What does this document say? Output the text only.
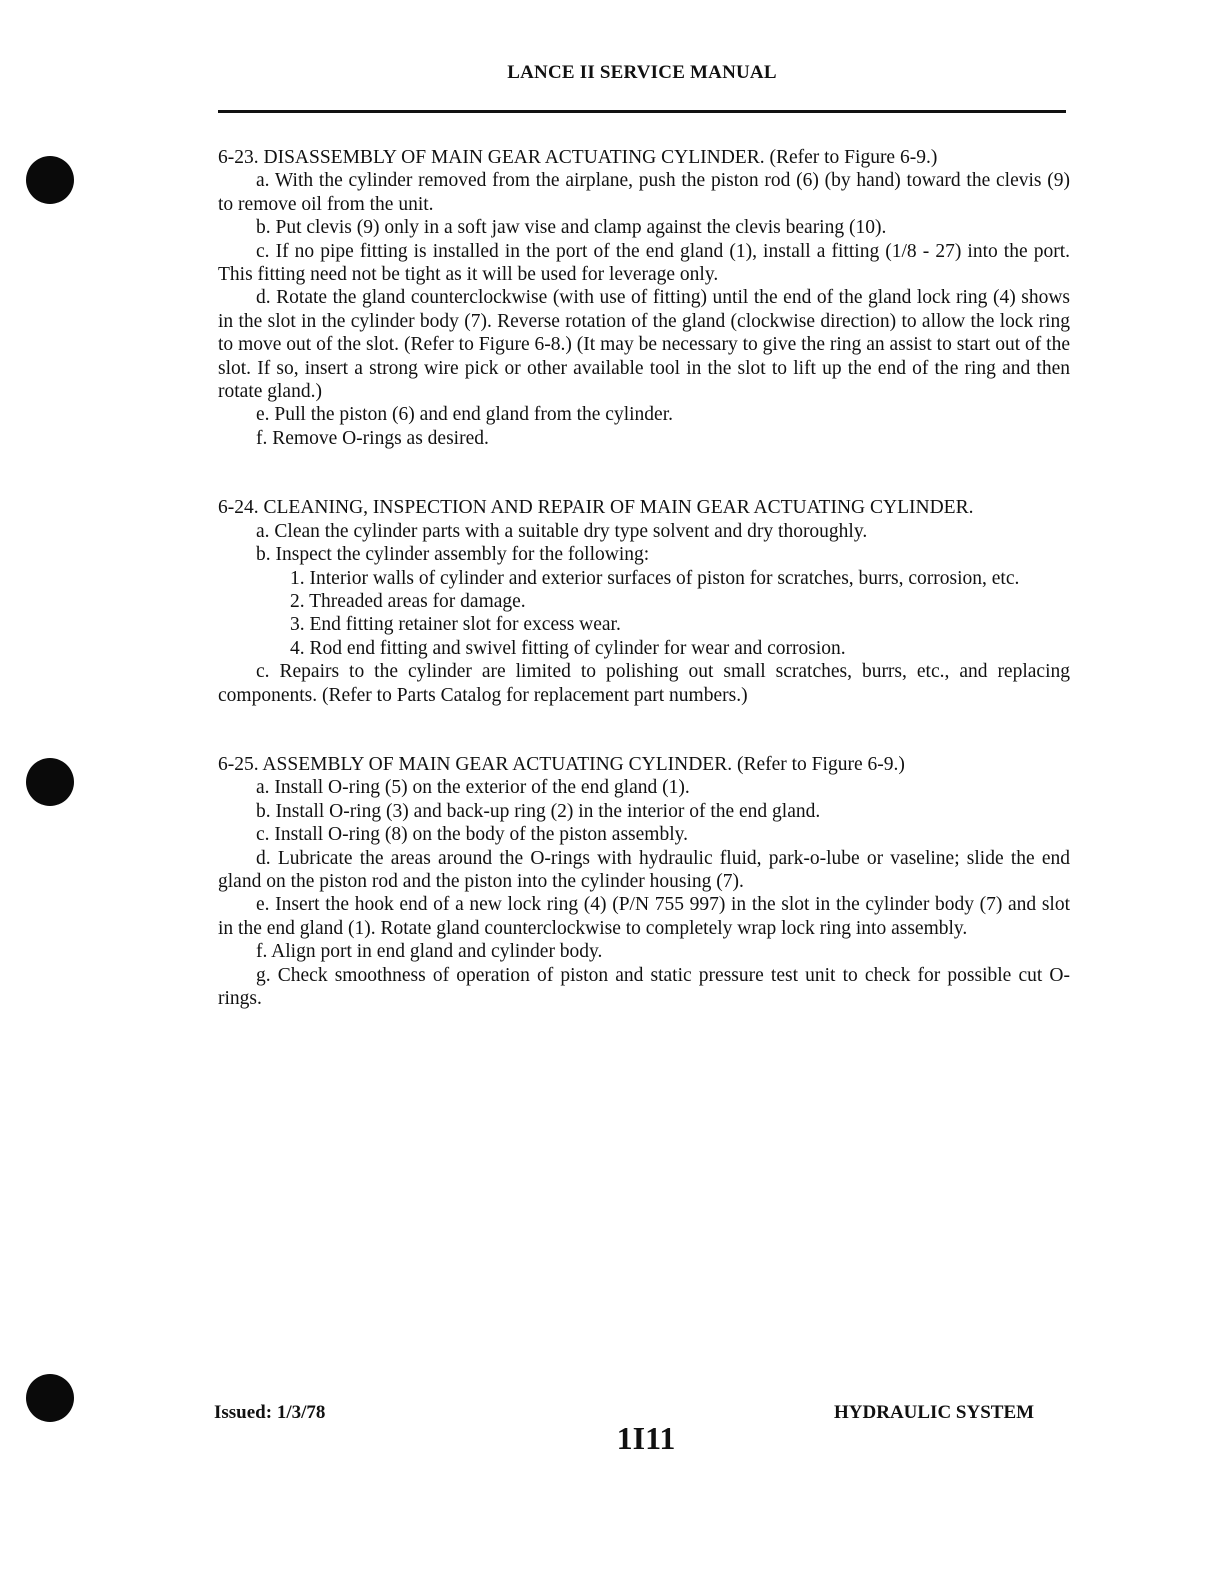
LANCE II SERVICE MANUAL

6-23. DISASSEMBLY OF MAIN GEAR ACTUATING CYLINDER. (Refer to Figure 6-9.)

a. With the cylinder removed from the airplane, push the piston rod (6) (by hand) toward the clevis (9) to remove oil from the unit.

b. Put clevis (9) only in a soft jaw vise and clamp against the clevis bearing (10).

c. If no pipe fitting is installed in the port of the end gland (1), install a fitting (1/8 - 27) into the port. This fitting need not be tight as it will be used for leverage only.

d. Rotate the gland counterclockwise (with use of fitting) until the end of the gland lock ring (4) shows in the slot in the cylinder body (7). Reverse rotation of the gland (clockwise direction) to allow the lock ring to move out of the slot. (Refer to Figure 6-8.) (It may be necessary to give the ring an assist to start out of the slot. If so, insert a strong wire pick or other available tool in the slot to lift up the end of the ring and then rotate gland.)

e. Pull the piston (6) and end gland from the cylinder.

f. Remove O-rings as desired.

6-24. CLEANING, INSPECTION AND REPAIR OF MAIN GEAR ACTUATING CYLINDER.

a. Clean the cylinder parts with a suitable dry type solvent and dry thoroughly.

b. Inspect the cylinder assembly for the following:

1. Interior walls of cylinder and exterior surfaces of piston for scratches, burrs, corrosion, etc.

2. Threaded areas for damage.

3. End fitting retainer slot for excess wear.

4. Rod end fitting and swivel fitting of cylinder for wear and corrosion.

c. Repairs to the cylinder are limited to polishing out small scratches, burrs, etc., and replacing components. (Refer to Parts Catalog for replacement part numbers.)

6-25. ASSEMBLY OF MAIN GEAR ACTUATING CYLINDER. (Refer to Figure 6-9.)

a. Install O-ring (5) on the exterior of the end gland (1).

b. Install O-ring (3) and back-up ring (2) in the interior of the end gland.

c. Install O-ring (8) on the body of the piston assembly.

d. Lubricate the areas around the O-rings with hydraulic fluid, park-o-lube or vaseline; slide the end gland on the piston rod and the piston into the cylinder housing (7).

e. Insert the hook end of a new lock ring (4) (P/N 755 997) in the slot in the cylinder body (7) and slot in the end gland (1). Rotate gland counterclockwise to completely wrap lock ring into assembly.

f. Align port in end gland and cylinder body.

g. Check smoothness of operation of piston and static pressure test unit to check for possible cut O-rings.

Issued: 1/3/78	HYDRAULIC SYSTEM
1I11
